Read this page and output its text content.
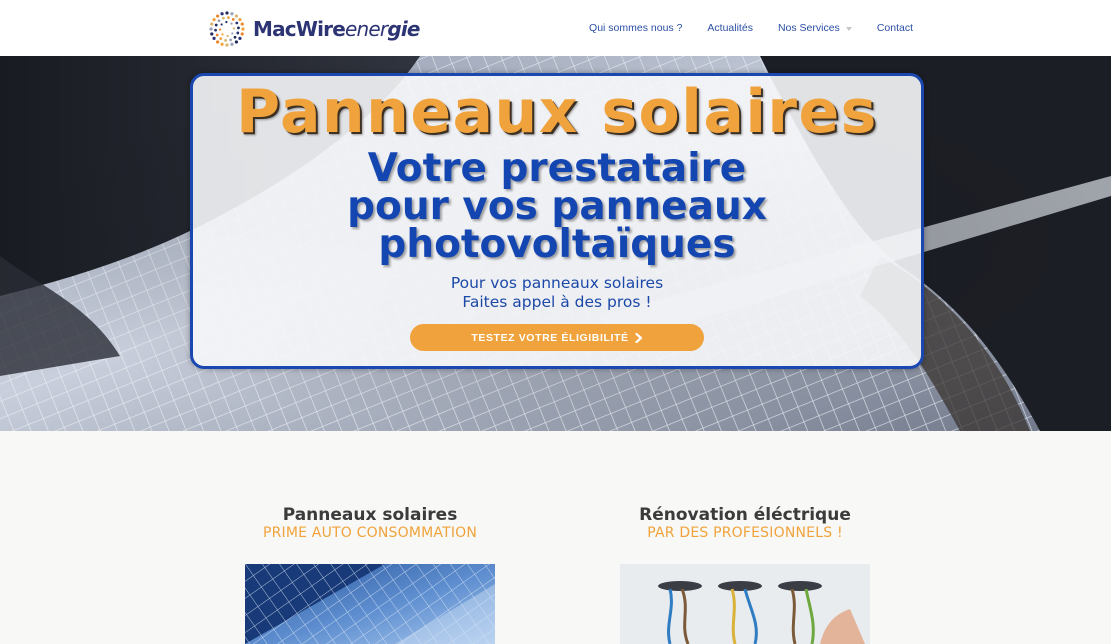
MacWireenergie	Qui sommes nous ? Actualités Nos Services	Contact
Panneaux solaires
Votre prestataire
pour vos panneaux
photovoltaïques
Pour vos panneaux solaires
Faites appel à des pros !
TESTEZ VOTRE ÉLIGIBILITÉ
Panneaux solaires
PRIME AUTO CONSOMMATION
Rénovation éléctrique
PAR DES PROFESIONNELS !
